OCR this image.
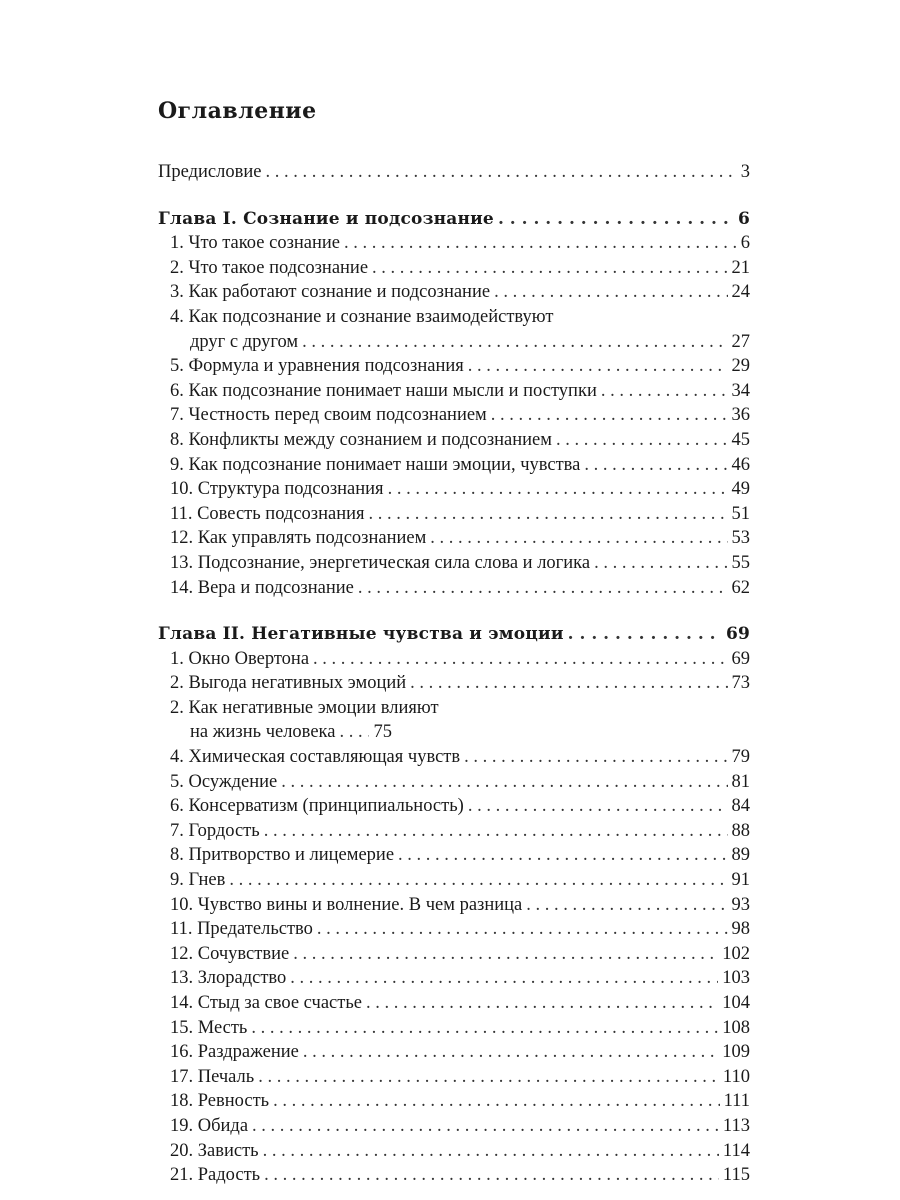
Оглавление
Предисловие . . .	3
Глава I. Сознание и подсознание . . .	6
1. Что такое сознание . . .	6
2. Что такое подсознание . . .	21
3. Как работают сознание и подсознание . . .	24
4. Как подсознание и сознание взаимодействуют
друг с другом . . .	27
5. Формула и уравнения подсознания . . .	29
6. Как подсознание понимает наши мысли и поступки . . .	34
7. Честность перед своим подсознанием . . .	36
8. Конфликты между сознанием и подсознанием . . .	45
9. Как подсознание понимает наши эмоции, чувства . . .	46
10. Структура подсознания . . .	49
11. Совесть подсознания . . .	51
12. Как управлять подсознанием . . .	53
13. Подсознание, энергетическая сила слова и логика . . .	55
14. Вера и подсознание . . .	62
Глава II. Негативные чувства и эмоции . . .	69
1. Окно Овертона . . .	69
2. Выгода негативных эмоций . . .	73
2. Как негативные эмоции влияют
на жизнь человека . . . 75
4. Химическая составляющая чувств . . .	79
5. Осуждение . . .	81
6. Консерватизм (принципиальность) . . .	84
7. Гордость . . .	88
8. Притворство и лицемерие . . .	89
9. Гнев . . .	91
10. Чувство вины и волнение. В чем разница . . .	93
11. Предательство . . .	98
12. Сочувствие . . .	102
13. Злорадство . . .	103
14. Стыд за свое счастье . . .	104
15. Месть . . .	108
16. Раздражение . . .	109
17. Печаль . . .	110
18. Ревность . . .	111
19. Обида . . .	113
20. Зависть . . .	114
21. Радость . . .	115
